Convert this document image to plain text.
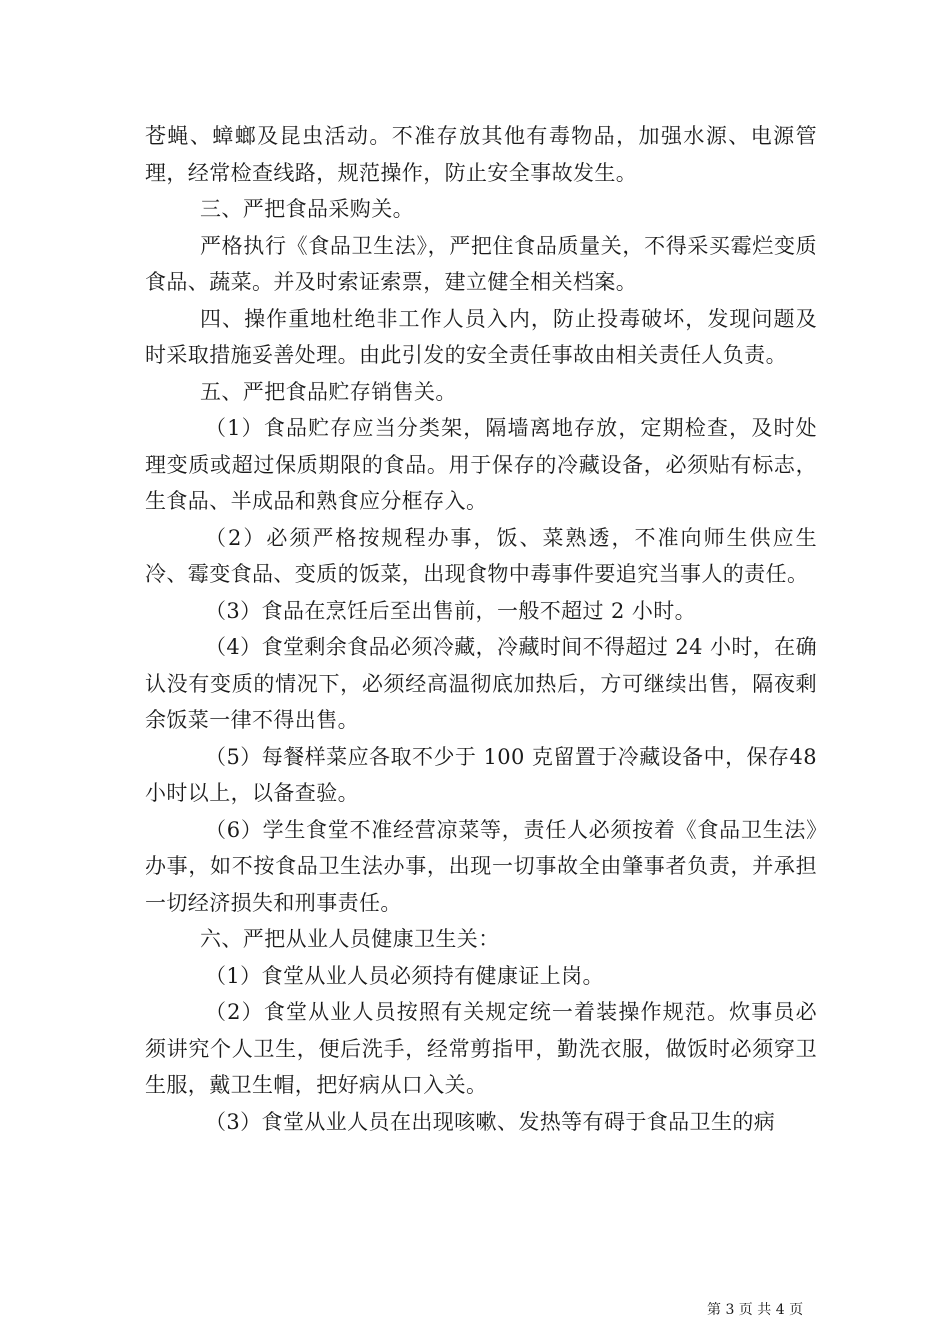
苍蝇、蟑螂及昆虫活动。不准存放其他有毒物品，加强水源、电源管理，经常检查线路，规范操作，防止安全事故发生。

三、严把食品采购关。

严格执行《食品卫生法》，严把住食品质量关，不得采买霉烂变质食品、蔬菜。并及时索证索票，建立健全相关档案。

四、操作重地杜绝非工作人员入内，防止投毒破坏，发现问题及时采取措施妥善处理。由此引发的安全责任事故由相关责任人负责。

五、严把食品贮存销售关。

（1）食品贮存应当分类架，隔墙离地存放，定期检查，及时处理变质或超过保质期限的食品。用于保存的冷藏设备，必须贴有标志，生食品、半成品和熟食应分框存入。

（2）必须严格按规程办事，饭、菜熟透，不准向师生供应生冷、霉变食品、变质的饭菜，出现食物中毒事件要追究当事人的责任。

（3）食品在烹饪后至出售前，一般不超过 2 小时。

（4）食堂剩余食品必须冷藏，冷藏时间不得超过 24 小时，在确认没有变质的情况下，必须经高温彻底加热后，方可继续出售，隔夜剩余饭菜一律不得出售。

（5）每餐样菜应各取不少于 100 克留置于冷藏设备中，保存48 小时以上，以备查验。

（6）学生食堂不准经营凉菜等，责任人必须按着《食品卫生法》办事，如不按食品卫生法办事，出现一切事故全由肇事者负责，并承担一切经济损失和刑事责任。

六、严把从业人员健康卫生关：

（1）食堂从业人员必须持有健康证上岗。

（2）食堂从业人员按照有关规定统一着装操作规范。炊事员必须讲究个人卫生，便后洗手，经常剪指甲，勤洗衣服，做饭时必须穿卫生服，戴卫生帽，把好病从口入关。

（3）食堂从业人员在出现咳嗽、发热等有碍于食品卫生的病

第 3 页 共 4 页
